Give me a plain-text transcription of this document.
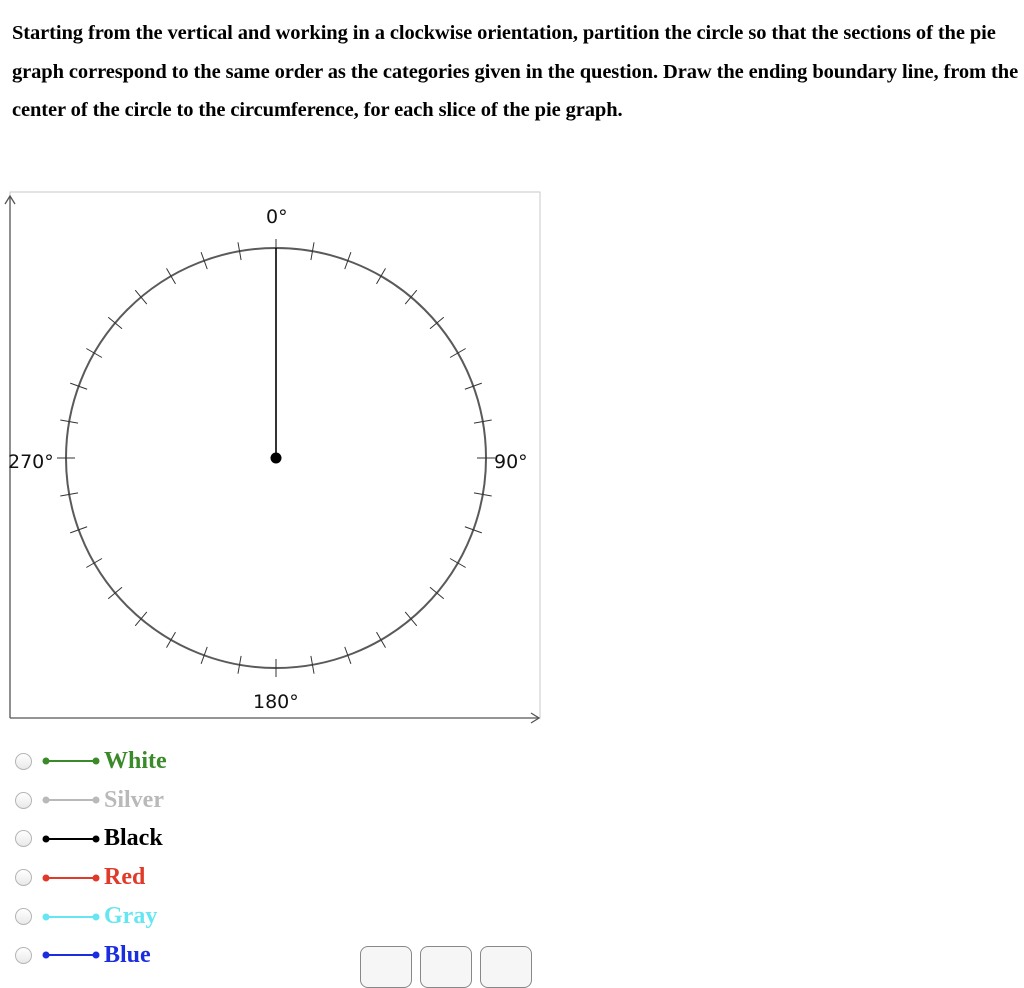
Starting from the vertical and working in a clockwise orientation, partition the circle so that the sections of the pie graph correspond to the same order as the categories given in the question. Draw the ending boundary line, from the center of the circle to the circumference, for each slice of the pie graph.
0°
90°
180°
270°
White
Silver
Black
Red
Gray
Blue
